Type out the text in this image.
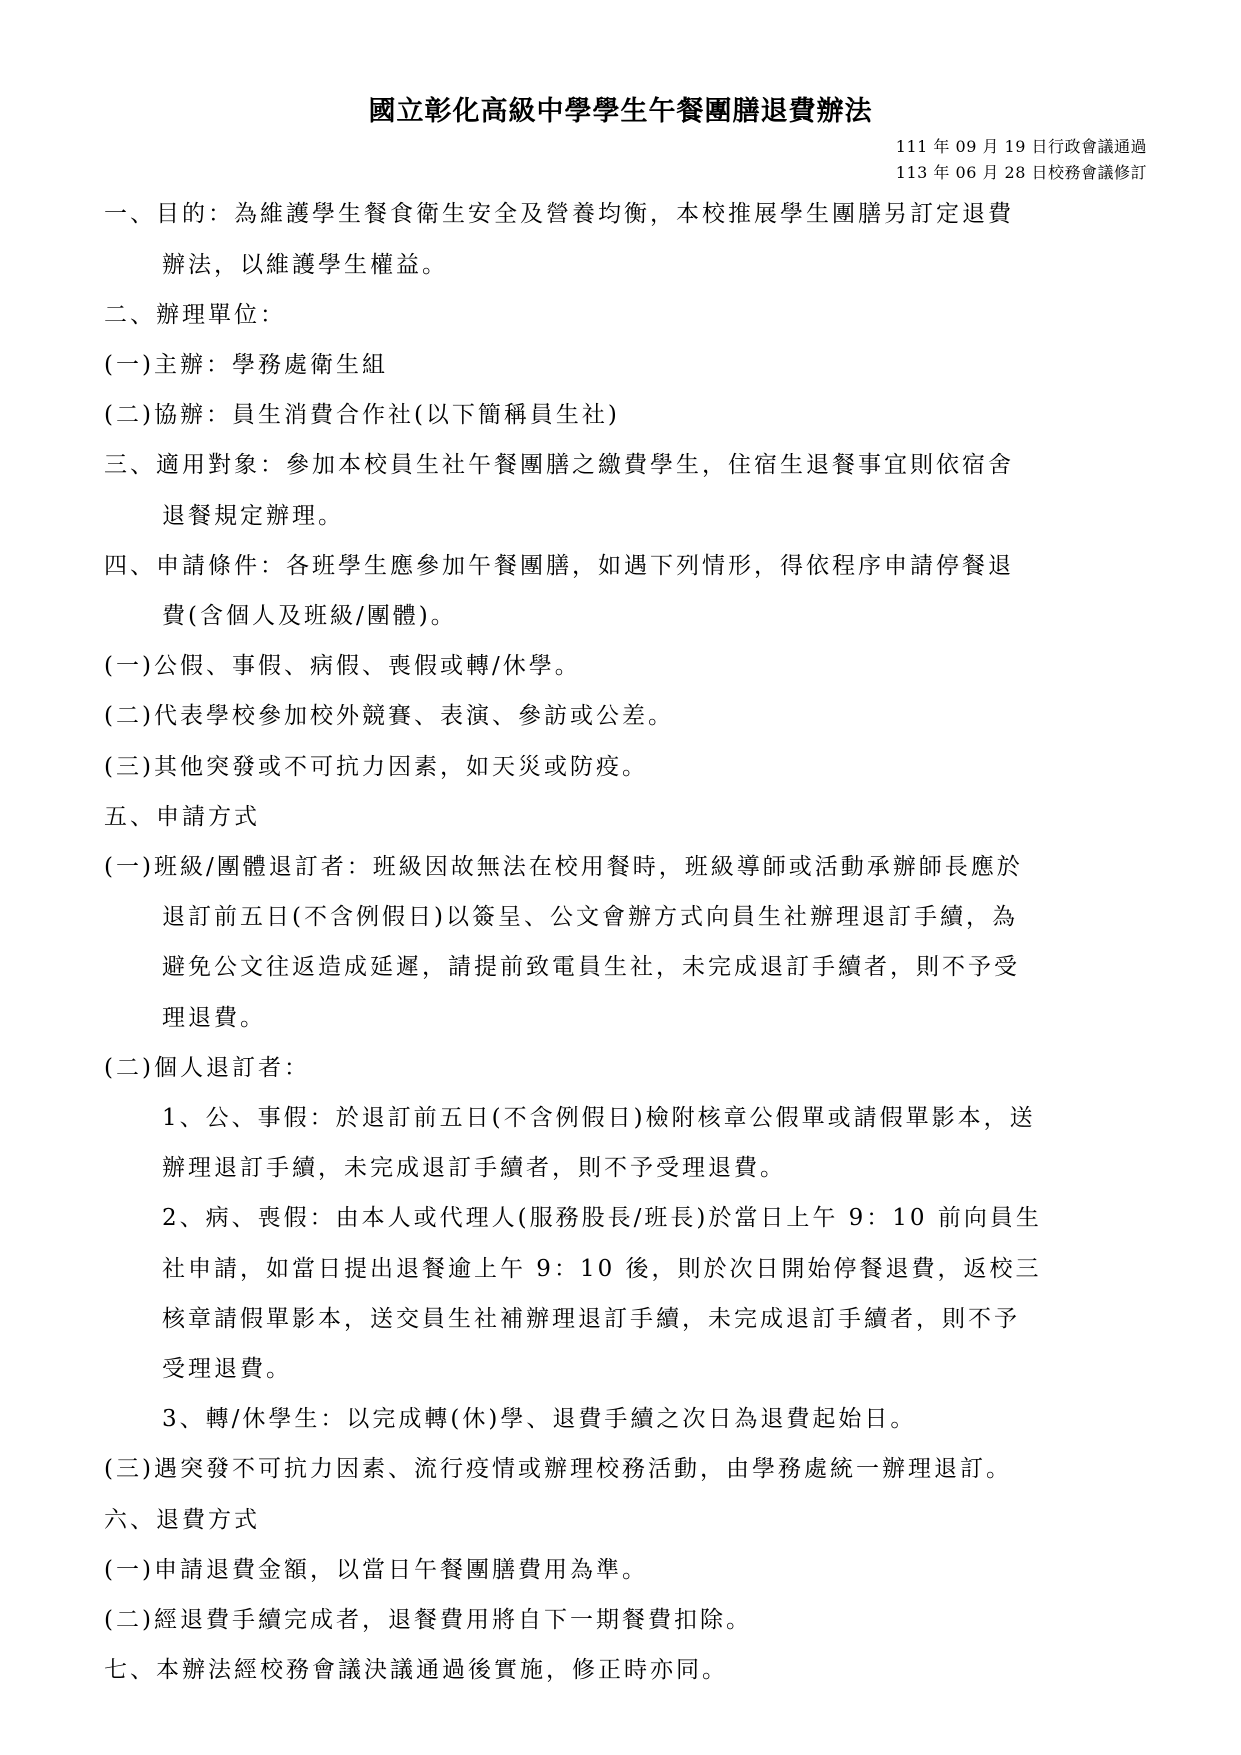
國立彰化高級中學學生午餐團膳退費辦法
111 年 09 月 19 日行政會議通過
113 年 06 月 28 日校務會議修訂
一、目的：為維護學生餐食衛生安全及營養均衡，本校推展學生團膳另訂定退費
辦法，以維護學生權益。
二、辦理單位：
(一)主辦：學務處衛生組
(二)協辦：員生消費合作社(以下簡稱員生社)
三、適用對象：參加本校員生社午餐團膳之繳費學生，住宿生退餐事宜則依宿舍
退餐規定辦理。
四、申請條件：各班學生應參加午餐團膳，如遇下列情形，得依程序申請停餐退
費(含個人及班級/團體)。
(一)公假、事假、病假、喪假或轉/休學。
(二)代表學校參加校外競賽、表演、參訪或公差。
(三)其他突發或不可抗力因素，如天災或防疫。
五、申請方式
(一)班級/團體退訂者：班級因故無法在校用餐時，班級導師或活動承辦師長應於
退訂前五日(不含例假日)以簽呈、公文會辦方式向員生社辦理退訂手續，為
避免公文往返造成延遲，請提前致電員生社，未完成退訂手續者，則不予受
理退費。
(二)個人退訂者：
1、公、事假：於退訂前五日(不含例假日)檢附核章公假單或請假單影本，送
辦理退訂手續，未完成退訂手續者，則不予受理退費。
2、病、喪假：由本人或代理人(服務股長/班長)於當日上午 9：10 前向員生
社申請，如當日提出退餐逾上午 9：10 後，則於次日開始停餐退費，返校三
核章請假單影本，送交員生社補辦理退訂手續，未完成退訂手續者，則不予
受理退費。
3、轉/休學生：以完成轉(休)學、退費手續之次日為退費起始日。
(三)遇突發不可抗力因素、流行疫情或辦理校務活動，由學務處統一辦理退訂。
六、退費方式
(一)申請退費金額，以當日午餐團膳費用為準。
(二)經退費手續完成者，退餐費用將自下一期餐費扣除。
七、本辦法經校務會議決議通過後實施，修正時亦同。
